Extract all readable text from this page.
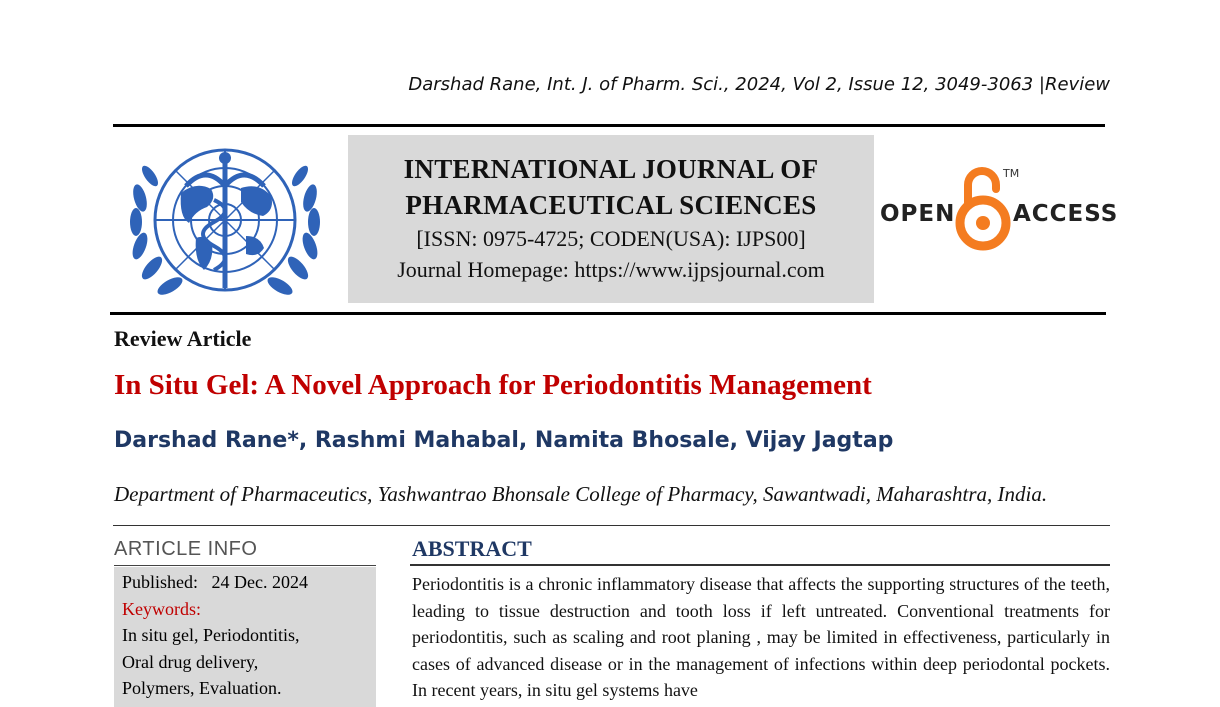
Darshad Rane, Int. J. of Pharm. Sci., 2024, Vol 2, Issue 12, 3049-3063 |Review
INTERNATIONAL JOURNAL OF
PHARMACEUTICAL SCIENCES
[ISSN: 0975-4725; CODEN(USA): IJPS00]
Journal Homepage: https://www.ijpsjournal.com
OPEN
TM
ACCESS
Review Article
In Situ Gel: A Novel Approach for Periodontitis Management
Darshad Rane*, Rashmi Mahabal, Namita Bhosale, Vijay Jagtap
Department of Pharmaceutics, Yashwantrao Bhonsale College of Pharmacy, Sawantwadi, Maharashtra, India.
ARTICLE INFO
Published: 24 Dec. 2024
Keywords:
In situ gel, Periodontitis,
Oral drug delivery,
Polymers, Evaluation.
ABSTRACT
Periodontitis is a chronic inflammatory disease that affects the supporting structures of the teeth, leading to tissue destruction and tooth loss if left untreated. Conventional treatments for periodontitis, such as scaling and root planing , may be limited in effectiveness, particularly in cases of advanced disease or in the management of infections within deep periodontal pockets. In recent years, in situ gel systems have
